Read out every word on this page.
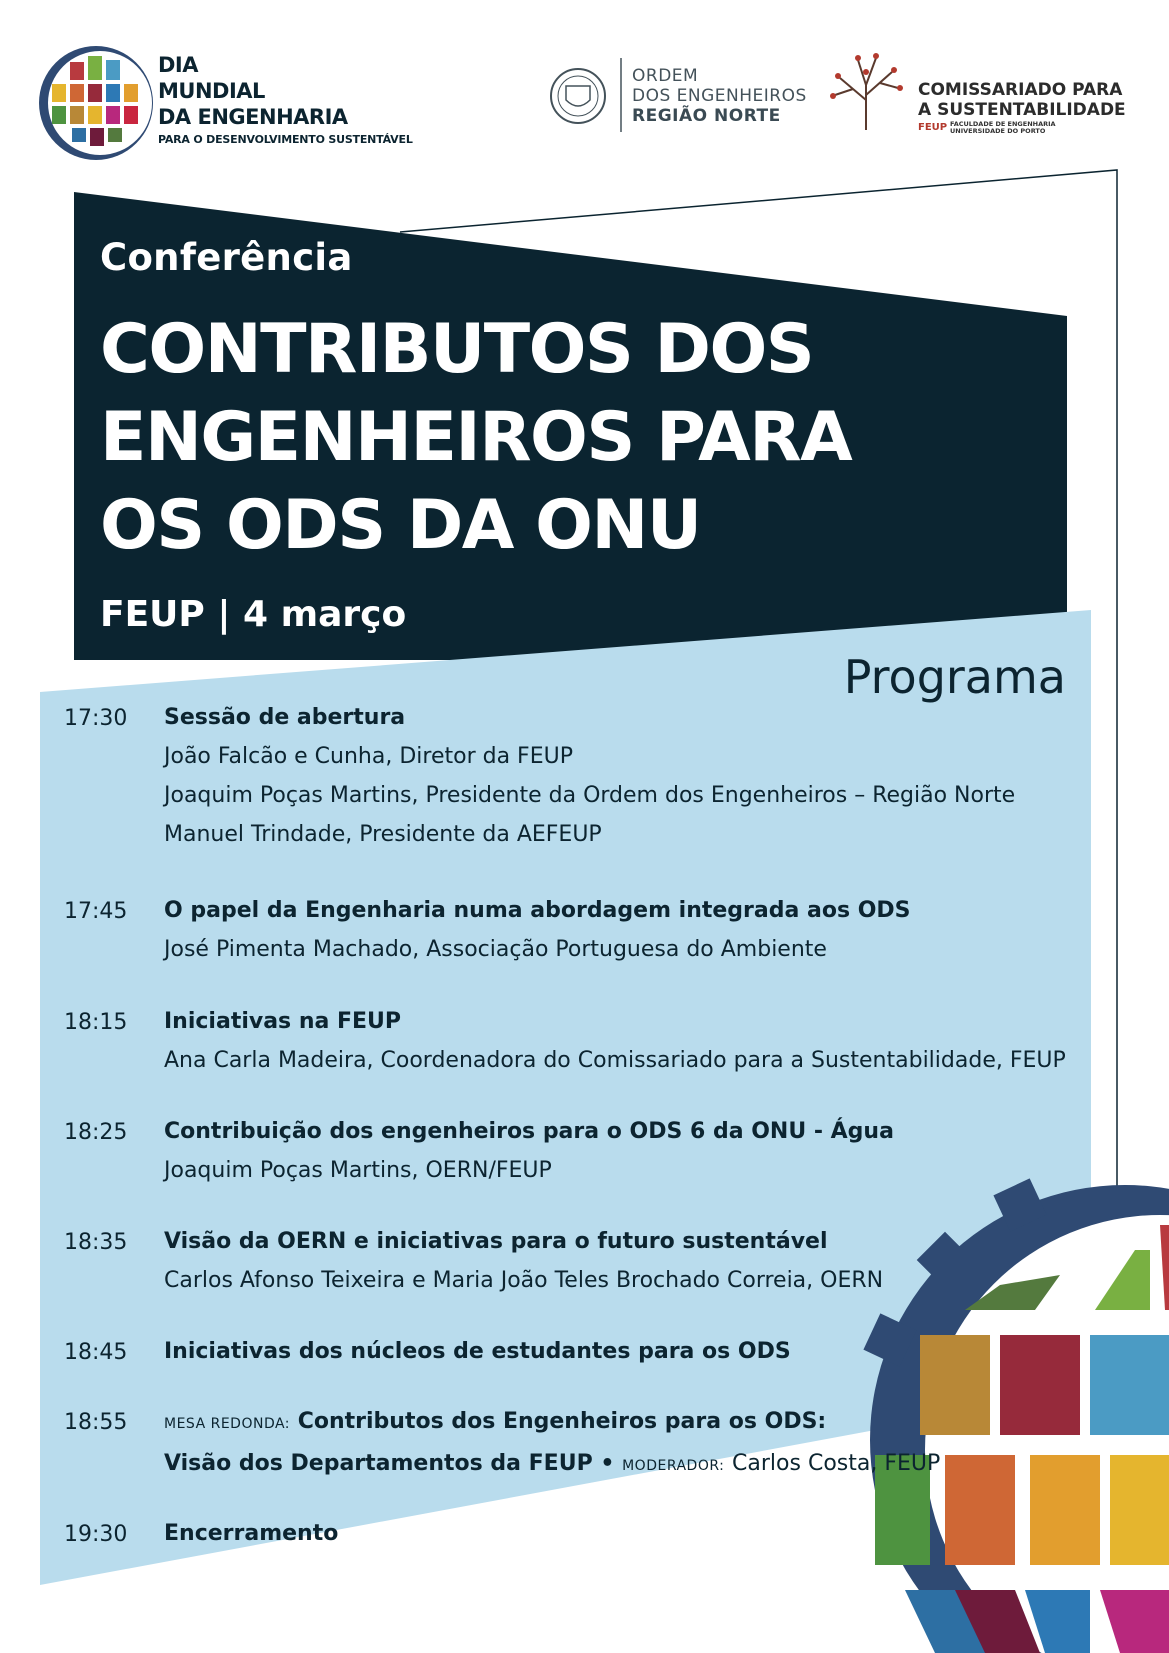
DIA
MUNDIAL
DA ENGENHARIA
PARA O DESENVOLVIMENTO SUSTENTÁVEL
ORDEM
DOS ENGENHEIROS
REGIÃO NORTE
COMISSARIADO PARA
A SUSTENTABILIDADE
FEUP FACULDADE DE ENGENHARIA
UNIVERSIDADE DO PORTO
Conferência
CONTRIBUTOS DOS
ENGENHEIROS PARA
OS ODS DA ONU
FEUP | 4 março
Programa
17:30 Sessão de abertura
João Falcão e Cunha, Diretor da FEUP
Joaquim Poças Martins, Presidente da Ordem dos Engenheiros – Região Norte
Manuel Trindade, Presidente da AEFEUP
17:45 O papel da Engenharia numa abordagem integrada aos ODS
José Pimenta Machado, Associação Portuguesa do Ambiente
18:15 Iniciativas na FEUP
Ana Carla Madeira, Coordenadora do Comissariado para a Sustentabilidade, FEUP
18:25 Contribuição dos engenheiros para o ODS 6 da ONU - Água
Joaquim Poças Martins, OERN/FEUP
18:35 Visão da OERN e iniciativas para o futuro sustentável
Carlos Afonso Teixeira e Maria João Teles Brochado Correia, OERN
18:45 Iniciativas dos núcleos de estudantes para os ODS
18:55	MESA REDONDA: Contributos dos Engenheiros para os ODS:
Visão dos Departamentos da FEUP • MODERADOR: Carlos Costa, FEUP
19:30 Encerramento
